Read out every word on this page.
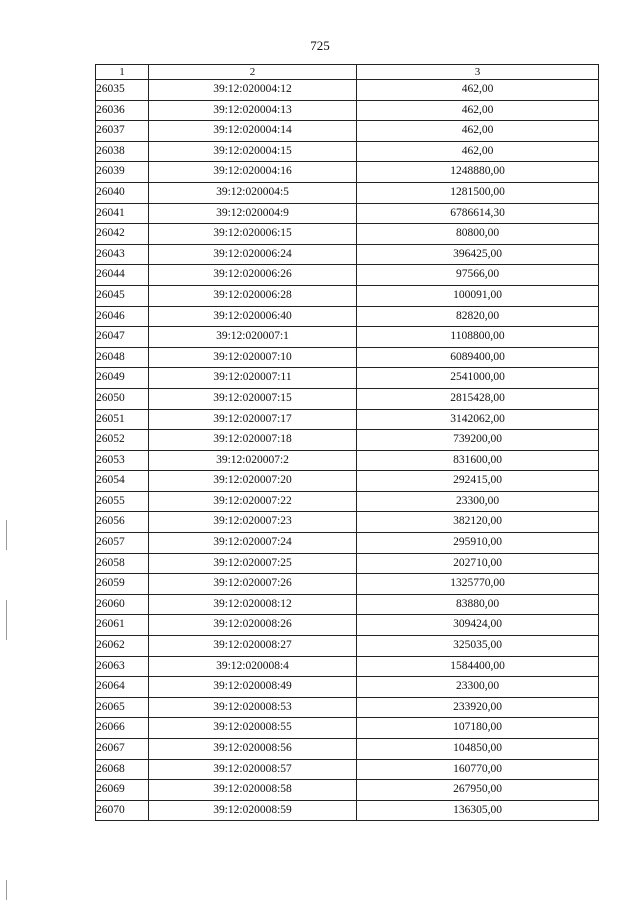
725
1	2	3
26035	39:12:020004:12	462,00
26036	39:12:020004:13	462,00
26037	39:12:020004:14	462,00
26038	39:12:020004:15	462,00
26039	39:12:020004:16	1248880,00
26040	39:12:020004:5	1281500,00
26041	39:12:020004:9	6786614,30
26042	39:12:020006:15	80800,00
26043	39:12:020006:24	396425,00
26044	39:12:020006:26	97566,00
26045	39:12:020006:28	100091,00
26046	39:12:020006:40	82820,00
26047	39:12:020007:1	1108800,00
26048	39:12:020007:10	6089400,00
26049	39:12:020007:11	2541000,00
26050	39:12:020007:15	2815428,00
26051	39:12:020007:17	3142062,00
26052	39:12:020007:18	739200,00
26053	39:12:020007:2	831600,00
26054	39:12:020007:20	292415,00
26055	39:12:020007:22	23300,00
26056	39:12:020007:23	382120,00
26057	39:12:020007:24	295910,00
26058	39:12:020007:25	202710,00
26059	39:12:020007:26	1325770,00
26060	39:12:020008:12	83880,00
26061	39:12:020008:26	309424,00
26062	39:12:020008:27	325035,00
26063	39:12:020008:4	1584400,00
26064	39:12:020008:49	23300,00
26065	39:12:020008:53	233920,00
26066	39:12:020008:55	107180,00
26067	39:12:020008:56	104850,00
26068	39:12:020008:57	160770,00
26069	39:12:020008:58	267950,00
26070	39:12:020008:59	136305,00
